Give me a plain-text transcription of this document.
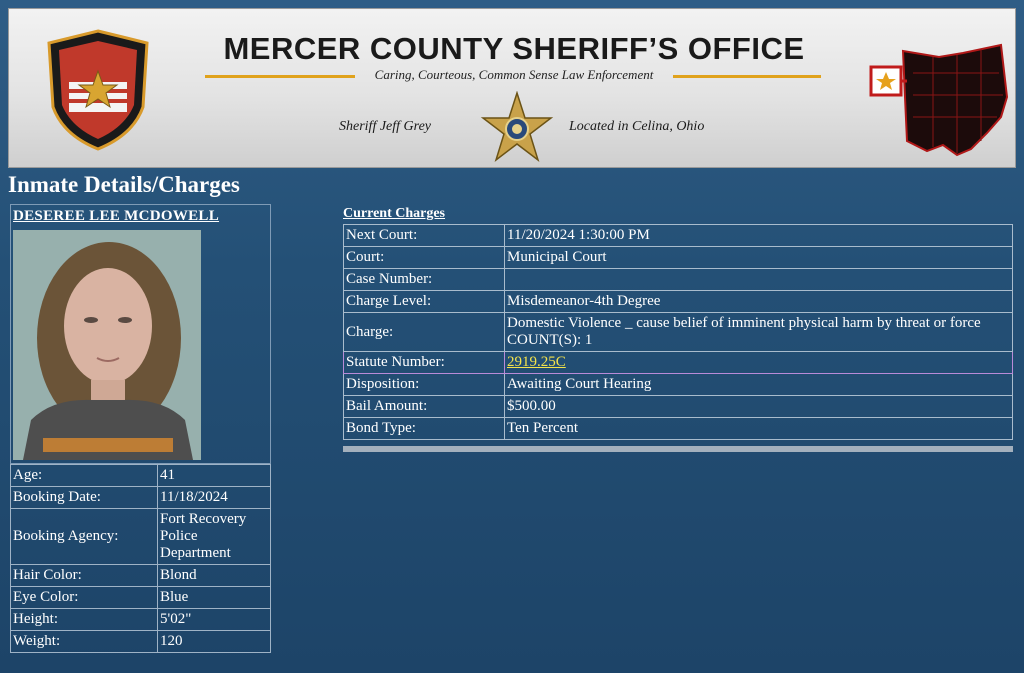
MERCER COUNTY SHERIFF’S OFFICE
Caring, Courteous, Common Sense Law Enforcement
Sheriff Jeff Grey	Located in Celina, Ohio
Inmate Details/Charges
DESEREE LEE MCDOWELL
Age:	41
Booking Date:	11/18/2024
Booking Agency:	Fort Recovery Police Department
Hair Color:	Blond
Eye Color:	Blue
Height:	5'02"
Weight:	120
Current Charges
Next Court:	11/20/2024 1:30:00 PM
Court:	Municipal Court
Case Number:	
Charge Level:	Misdemeanor-4th Degree
Charge:	Domestic Violence _ cause belief of imminent physical harm by threat or force COUNT(S): 1
Statute Number:	2919.25C
Disposition:	Awaiting Court Hearing
Bail Amount:	$500.00
Bond Type:	Ten Percent
